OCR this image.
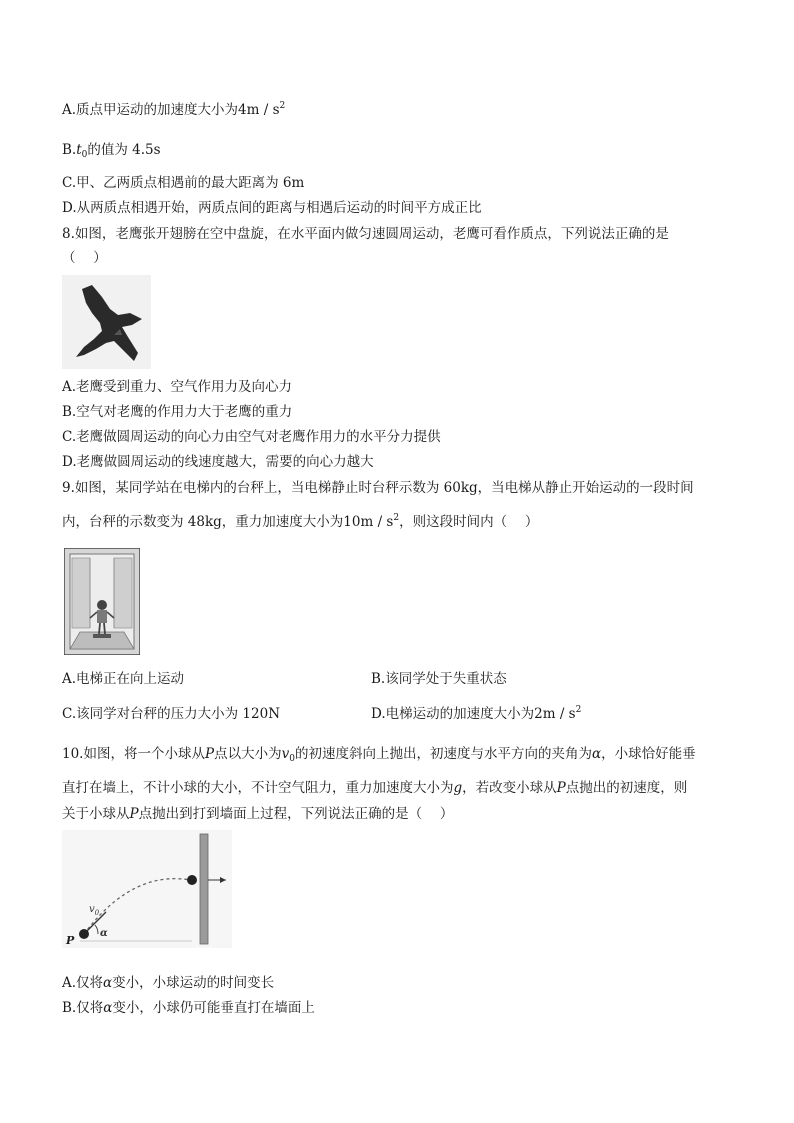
A.质点甲运动的加速度大小为$4m / s^2$
$B.t_0$的值为 4.5s
C.甲、乙两质点相遇前的最大距离为 6m
D.从两质点相遇开始，两质点间的距离与相遇后运动的时间平方成正比
8.如图，老鹰张开翅膀在空中盘旋，在水平面内做匀速圆周运动，老鹰可看作质点，下列说法正确的是
（　 ）
A.老鹰受到重力、空气作用力及向心力
B.空气对老鹰的作用力大于老鹰的重力
C.老鹰做圆周运动的向心力由空气对老鹰作用力的水平分力提供
D.老鹰做圆周运动的线速度越大，需要的向心力越大
9.如图，某同学站在电梯内的台秤上，当电梯静止时台秤示数为 60kg，当电梯从静止开始运动的一段时间
内，台秤的示数变为 48kg，重力加速度大小为$10m / s^2$，则这段时间内（　 ）
A.电梯正在向上运动	B.该同学处于失重状态
C.该同学对台秤的压力大小为 120N	D.电梯运动的加速度大小为$2m / s^2$
10.如图，将一个小球从P点以大小为$v_0$的初速度斜向上抛出，初速度与水平方向的夹角为α，小球恰好能垂
直打在墙上，不计小球的大小，不计空气阻力，重力加速度大小为g，若改变小球从P点抛出的初速度，则
关于小球从P点抛出到打到墙面上过程，下列说法正确的是（　 ）
$v_0$
α
P
A.仅将α变小，小球运动的时间变长
B.仅将α变小，小球仍可能垂直打在墙面上
